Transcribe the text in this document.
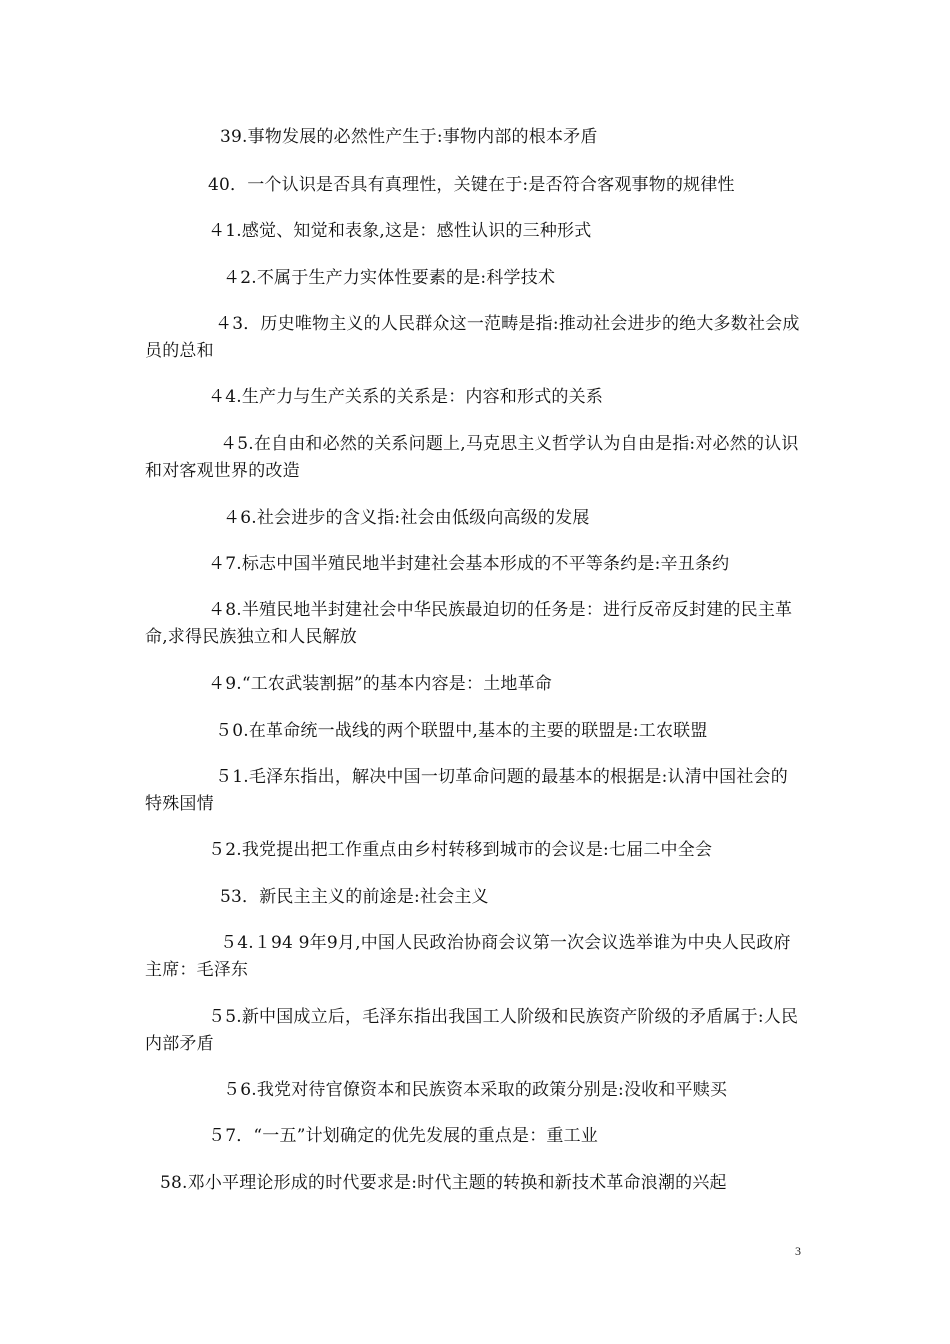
39.事物发展的必然性产生于:事物内部的根本矛盾

40．一个认识是否具有真理性，关键在于:是否符合客观事物的规律性

４1.感觉、知觉和表象,这是：感性认识的三种形式

４2.不属于生产力实体性要素的是:科学技术

４3．历史唯物主义的人民群众这一范畴是指:推动社会进步的绝大多数社会成员的总和

４4.生产力与生产关系的关系是：内容和形式的关系

４5.在自由和必然的关系问题上,马克思主义哲学认为自由是指:对必然的认识和对客观世界的改造

４6.社会进步的含义指:社会由低级向高级的发展

４7.标志中国半殖民地半封建社会基本形成的不平等条约是:辛丑条约

４8.半殖民地半封建社会中华民族最迫切的任务是：进行反帝反封建的民主革命,求得民族独立和人民解放

４9.“工农武装割据”的基本内容是：土地革命

５0.在革命统一战线的两个联盟中,基本的主要的联盟是:工农联盟

５1.毛泽东指出，解决中国一切革命问题的最基本的根据是:认清中国社会的特殊国情

５2.我党提出把工作重点由乡村转移到城市的会议是:七届二中全会

53．新民主主义的前途是:社会主义

５4.１94 9年9月,中国人民政治协商会议第一次会议选举谁为中央人民政府主席：毛泽东

５5.新中国成立后，毛泽东指出我国工人阶级和民族资产阶级的矛盾属于:人民内部矛盾

５6.我党对待官僚资本和民族资本采取的政策分别是:没收和平赎买

５7．“一五”计划确定的优先发展的重点是：重工业

58.邓小平理论形成的时代要求是:时代主题的转换和新技术革命浪潮的兴起

3
